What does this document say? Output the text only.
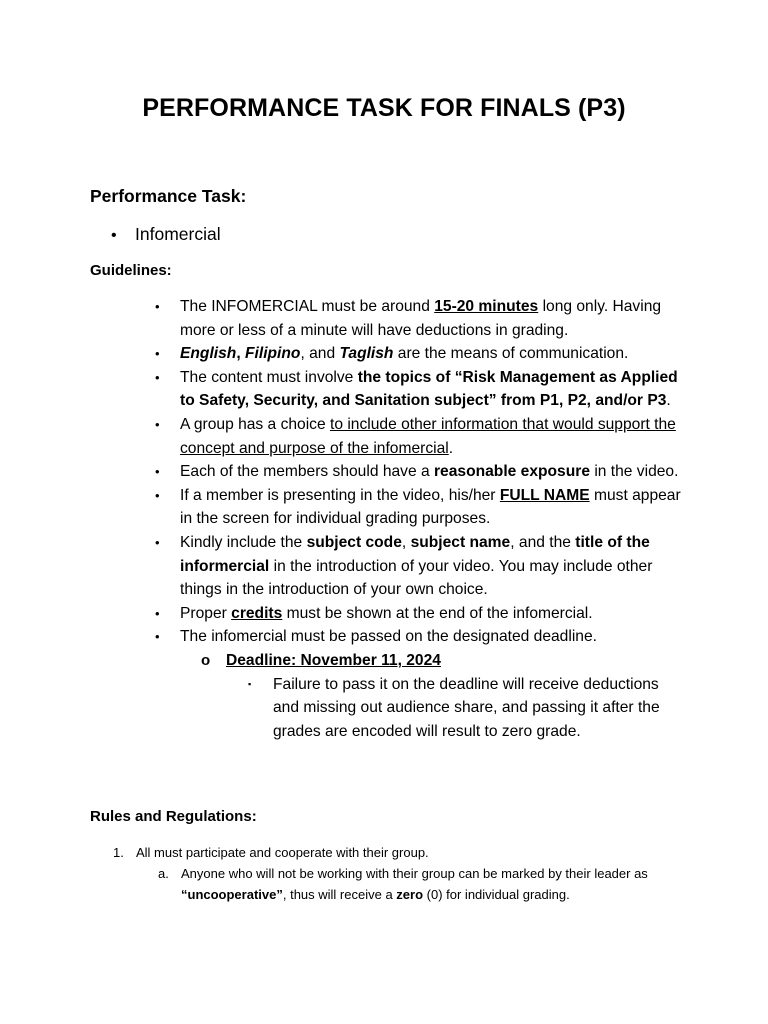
PERFORMANCE TASK FOR FINALS (P3)
Performance Task:
•	Infomercial
Guidelines:
•	The INFOMERCIAL must be around 15-20 minutes long only. Having more or less of a minute will have deductions in grading.
•	English, Filipino, and Taglish are the means of communication.
•	The content must involve the topics of “Risk Management as Applied to Safety, Security, and Sanitation subject” from P1, P2, and/or P3.
•	A group has a choice to include other information that would support the concept and purpose of the infomercial.
•	Each of the members should have a reasonable exposure in the video.
•	If a member is presenting in the video, his/her FULL NAME must appear in the screen for individual grading purposes.
•	Kindly include the subject code, subject name, and the title of the informercial in the introduction of your video. You may include other things in the introduction of your own choice.
•	Proper credits must be shown at the end of the infomercial.
•	The infomercial must be passed on the designated deadline.
o	Deadline: November 11, 2024
▪	Failure to pass it on the deadline will receive deductions and missing out audience share, and passing it after the grades are encoded will result to zero grade.
Rules and Regulations:
1. All must participate and cooperate with their group.
a. Anyone who will not be working with their group can be marked by their leader as “uncooperative”, thus will receive a zero (0) for individual grading.
